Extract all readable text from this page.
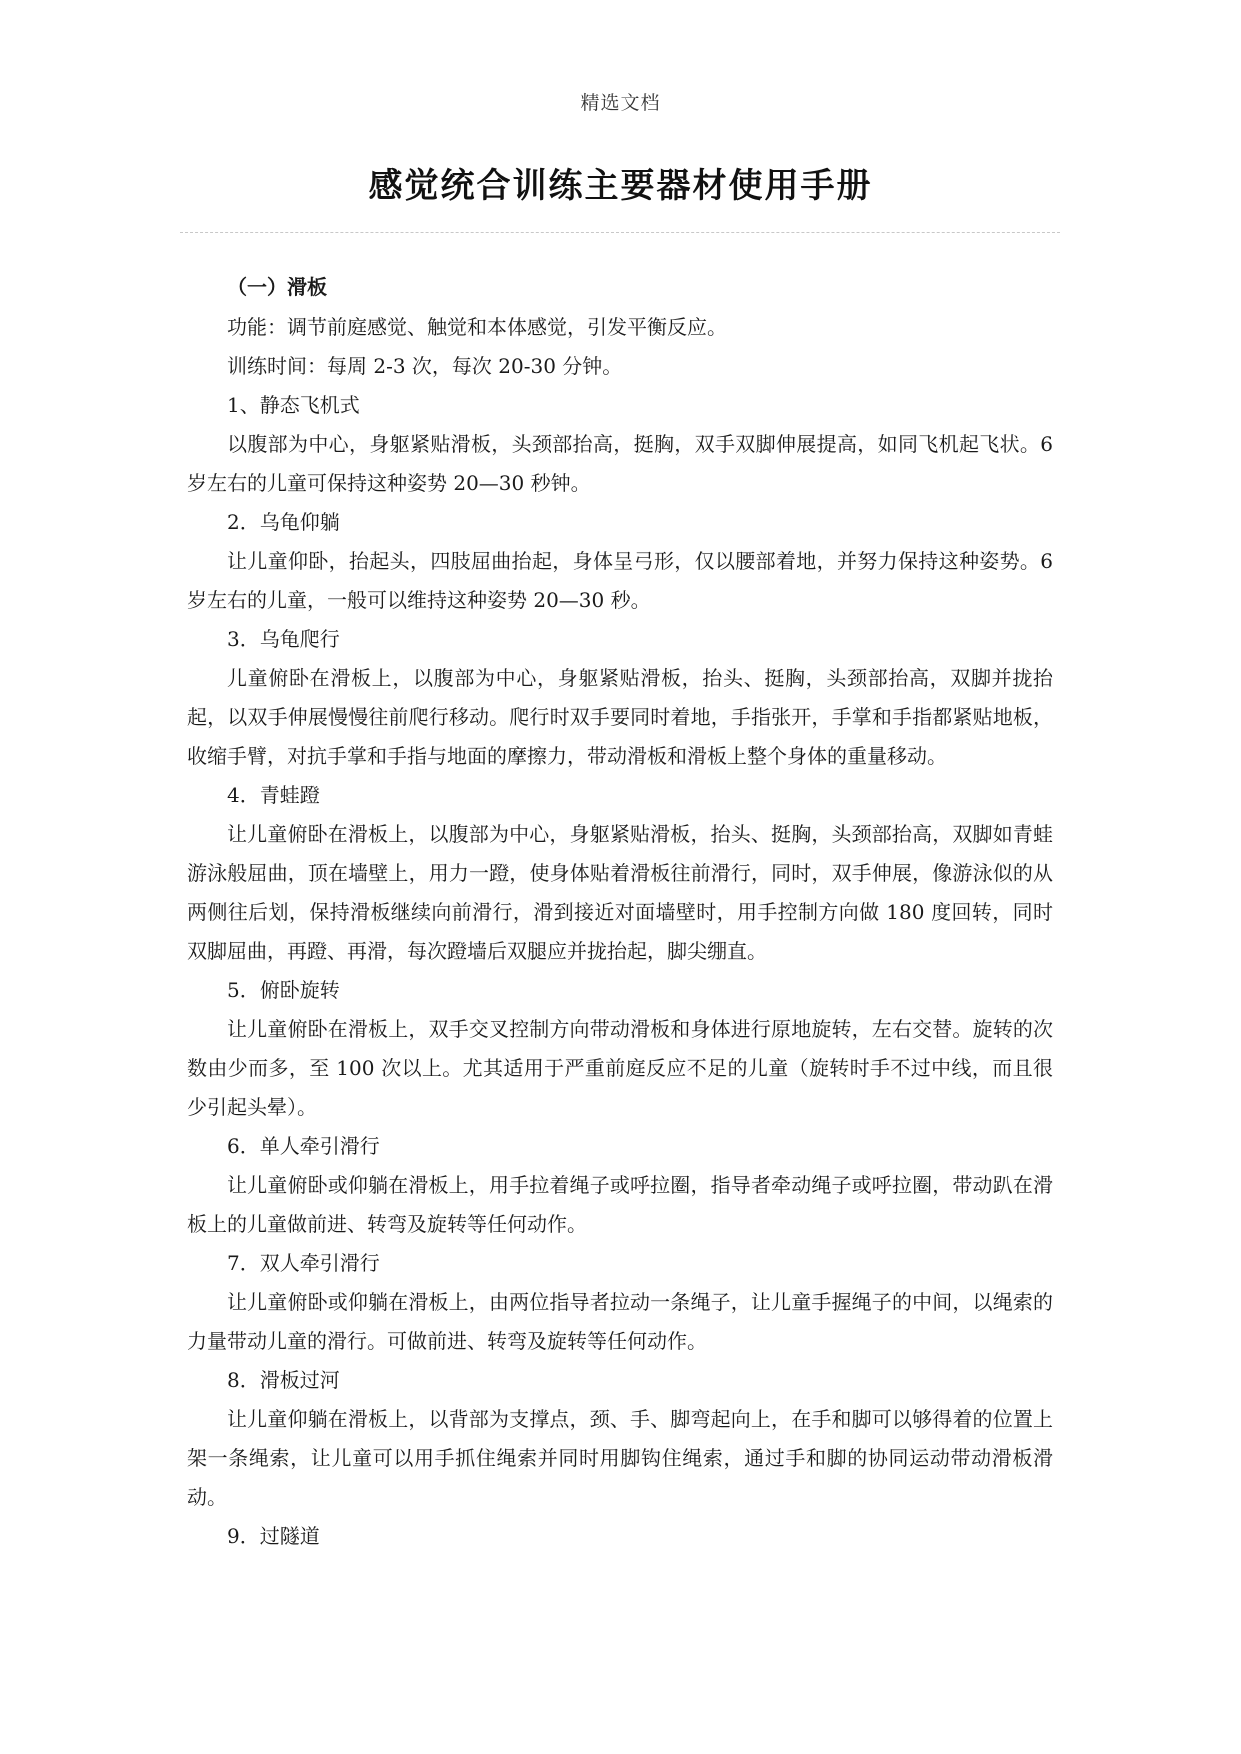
精选文档
感觉统合训练主要器材使用手册

（一）滑板

功能：调节前庭感觉、触觉和本体感觉，引发平衡反应。

训练时间：每周 2-3 次，每次 20-30 分钟。

1、静态飞机式

以腹部为中心，身躯紧贴滑板，头颈部抬高，挺胸，双手双脚伸展提高，如同飞机起飞状。6 岁左右的儿童可保持这种姿势 20—30 秒钟。

2．乌龟仰躺

让儿童仰卧，抬起头，四肢屈曲抬起，身体呈弓形，仅以腰部着地，并努力保持这种姿势。6 岁左右的儿童，一般可以维持这种姿势 20—30 秒。

3．乌龟爬行

儿童俯卧在滑板上，以腹部为中心，身躯紧贴滑板，抬头、挺胸，头颈部抬高，双脚并拢抬起，以双手伸展慢慢往前爬行移动。爬行时双手要同时着地，手指张开，手掌和手指都紧贴地板，收缩手臂，对抗手掌和手指与地面的摩擦力，带动滑板和滑板上整个身体的重量移动。

4．青蛙蹬

让儿童俯卧在滑板上，以腹部为中心，身躯紧贴滑板，抬头、挺胸，头颈部抬高，双脚如青蛙游泳般屈曲，顶在墙壁上，用力一蹬，使身体贴着滑板往前滑行，同时，双手伸展，像游泳似的从两侧往后划，保持滑板继续向前滑行，滑到接近对面墙壁时，用手控制方向做 180 度回转，同时双脚屈曲，再蹬、再滑，每次蹬墙后双腿应并拢抬起，脚尖绷直。

5．俯卧旋转

让儿童俯卧在滑板上，双手交叉控制方向带动滑板和身体进行原地旋转，左右交替。旋转的次数由少而多，至 100 次以上。尤其适用于严重前庭反应不足的儿童（旋转时手不过中线，而且很少引起头晕）。

6．单人牵引滑行

让儿童俯卧或仰躺在滑板上，用手拉着绳子或呼拉圈，指导者牵动绳子或呼拉圈，带动趴在滑板上的儿童做前进、转弯及旋转等任何动作。

7．双人牵引滑行

让儿童俯卧或仰躺在滑板上，由两位指导者拉动一条绳子，让儿童手握绳子的中间，以绳索的力量带动儿童的滑行。可做前进、转弯及旋转等任何动作。

8．滑板过河

让儿童仰躺在滑板上，以背部为支撑点，颈、手、脚弯起向上，在手和脚可以够得着的位置上架一条绳索，让儿童可以用手抓住绳索并同时用脚钩住绳索，通过手和脚的协同运动带动滑板滑动。

9．过隧道
